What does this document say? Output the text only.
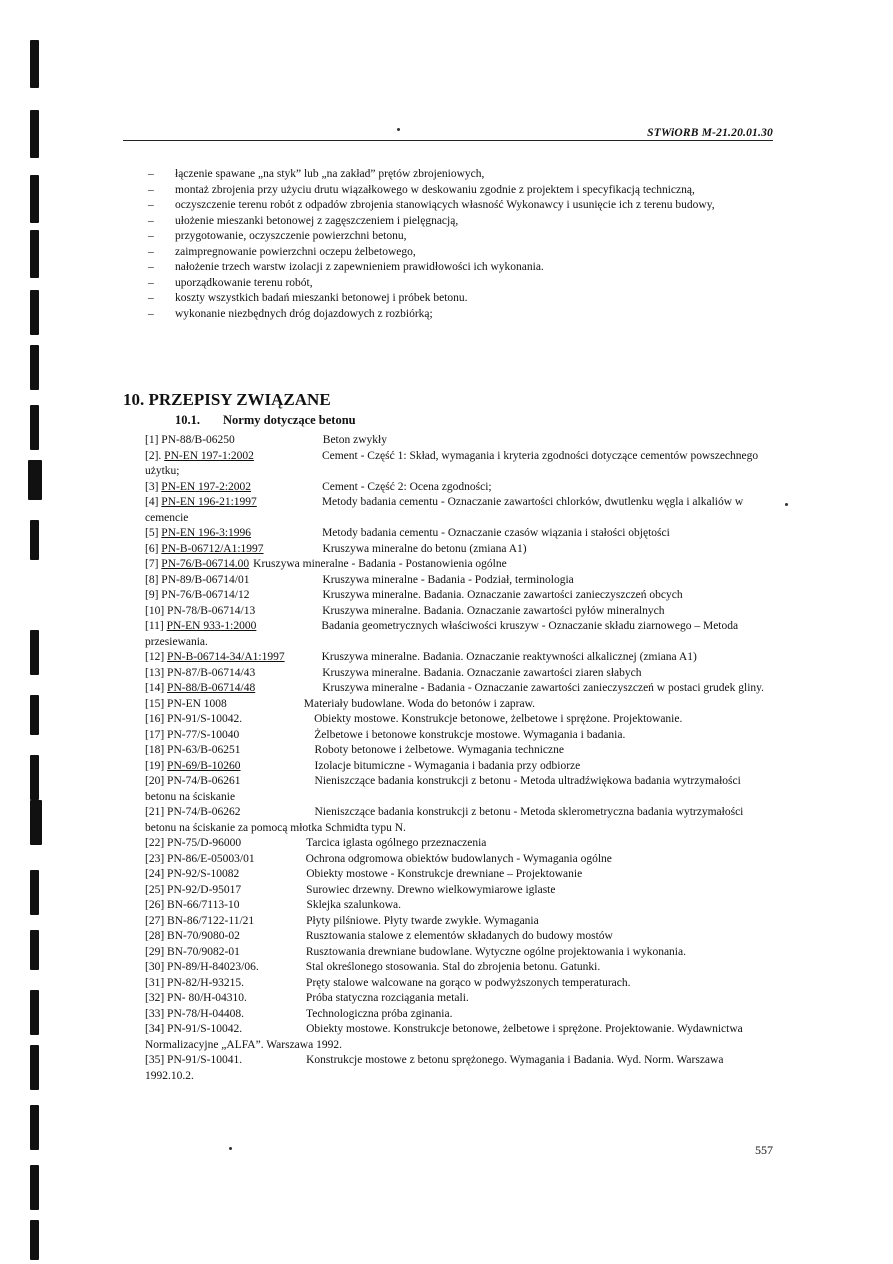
STWiORB M-21.20.01.30
– łączenie spawane „na styk” lub „na zakład” prętów zbrojeniowych,
– montaż zbrojenia przy użyciu drutu wiązałkowego w deskowaniu zgodnie z projektem i specyfikacją techniczną,
– oczyszczenie terenu robót z odpadów zbrojenia stanowiących własność Wykonawcy i usunięcie ich z terenu budowy,
– ułożenie mieszanki betonowej z zagęszczeniem i pielęgnacją,
– przygotowanie, oczyszczenie powierzchni betonu,
– zaimpregnowanie powierzchni oczepu żelbetowego,
– nałożenie trzech warstw izolacji z zapewnieniem prawidłowości ich wykonania.
– uporządkowanie terenu robót,
– koszty wszystkich badań mieszanki betonowej i próbek betonu.
– wykonanie niezbędnych dróg dojazdowych z rozbiórką;
10. PRZEPISY ZWIĄZANE
10.1. Normy dotyczące betonu

[1] PN-88/B-06250	Beton zwykły

[2]. PN-EN 197-1:2002	Cement - Część 1: Skład, wymagania i kryteria zgodności dotyczące cementów powszechnego użytku;

[3] PN-EN 197-2:2002	Cement - Część 2: Ocena zgodności;

[4] PN-EN 196-21:1997	Metody badania cementu - Oznaczanie zawartości chlorków, dwutlenku węgla i alkaliów w cemencie

[5] PN-EN 196-3:1996	Metody badania cementu - Oznaczanie czasów wiązania i stałości objętości

[6] PN-B-06712/A1:1997	Kruszywa mineralne do betonu (zmiana A1)

[7] PN-76/B-06714.00 Kruszywa mineralne - Badania - Postanowienia ogólne

[8] PN-89/B-06714/01	Kruszywa mineralne - Badania - Podział, terminologia

[9] PN-76/B-06714/12	Kruszywa mineralne. Badania. Oznaczanie zawartości zanieczyszczeń obcych

[10] PN-78/B-06714/13	Kruszywa mineralne. Badania. Oznaczanie zawartości pyłów mineralnych

[11] PN-EN 933-1:2000	Badania geometrycznych właściwości kruszyw - Oznaczanie składu ziarnowego – Metoda przesiewania.

[12] PN-B-06714-34/A1:1997	Kruszywa mineralne. Badania. Oznaczanie reaktywności alkalicznej (zmiana A1)

[13] PN-87/B-06714/43	Kruszywa mineralne. Badania. Oznaczanie zawartości ziaren słabych

[14] PN-88/B-06714/48	Kruszywa mineralne - Badania - Oznaczanie zawartości zanieczyszczeń w postaci grudek gliny.

[15] PN-EN 1008	Materiały budowlane. Woda do betonów i zapraw.

[16] PN-91/S-10042.	Obiekty mostowe. Konstrukcje betonowe, żelbetowe i sprężone. Projektowanie.

[17] PN-77/S-10040	Żelbetowe i betonowe konstrukcje mostowe. Wymagania i badania.

[18] PN-63/B-06251	Roboty betonowe i żelbetowe. Wymagania techniczne

[19] PN-69/B-10260	Izolacje bitumiczne - Wymagania i badania przy odbiorze

[20] PN-74/B-06261	Nieniszczące badania konstrukcji z betonu - Metoda ultradźwiękowa badania wytrzymałości betonu na ściskanie

[21] PN-74/B-06262	Nieniszczące badania konstrukcji z betonu - Metoda sklerometryczna badania wytrzymałości betonu na ściskanie za pomocą młotka Schmidta typu N.

[22] PN-75/D-96000	Tarcica iglasta ogólnego przeznaczenia

[23] PN-86/E-05003/01	Ochrona odgromowa obiektów budowlanych - Wymagania ogólne

[24] PN-92/S-10082	Obiekty mostowe - Konstrukcje drewniane – Projektowanie

[25] PN-92/D-95017	Surowiec drzewny. Drewno wielkowymiarowe iglaste

[26] BN-66/7113-10	Sklejka szalunkowa.

[27] BN-86/7122-11/21	Płyty pilśniowe. Płyty twarde zwykłe. Wymagania

[28] BN-70/9080-02	Rusztowania stalowe z elementów składanych do budowy mostów

[29] BN-70/9082-01	Rusztowania drewniane budowlane. Wytyczne ogólne projektowania i wykonania.

[30] PN-89/H-84023/06.	Stal określonego stosowania. Stal do zbrojenia betonu. Gatunki.

[31] PN-82/H-93215.	Pręty stalowe walcowane na gorąco w podwyższonych temperaturach.

[32] PN- 80/H-04310.	Próba statyczna rozciągania metali.

[33] PN-78/H-04408.	Technologiczna próba zginania.

[34] PN-91/S-10042.	Obiekty mostowe. Konstrukcje betonowe, żelbetowe i sprężone. Projektowanie. Wydawnictwa Normalizacyjne „ALFA”. Warszawa 1992.

[35] PN-91/S-10041.	Konstrukcje mostowe z betonu sprężonego. Wymagania i Badania. Wyd. Norm. Warszawa 1992.10.2.

557
